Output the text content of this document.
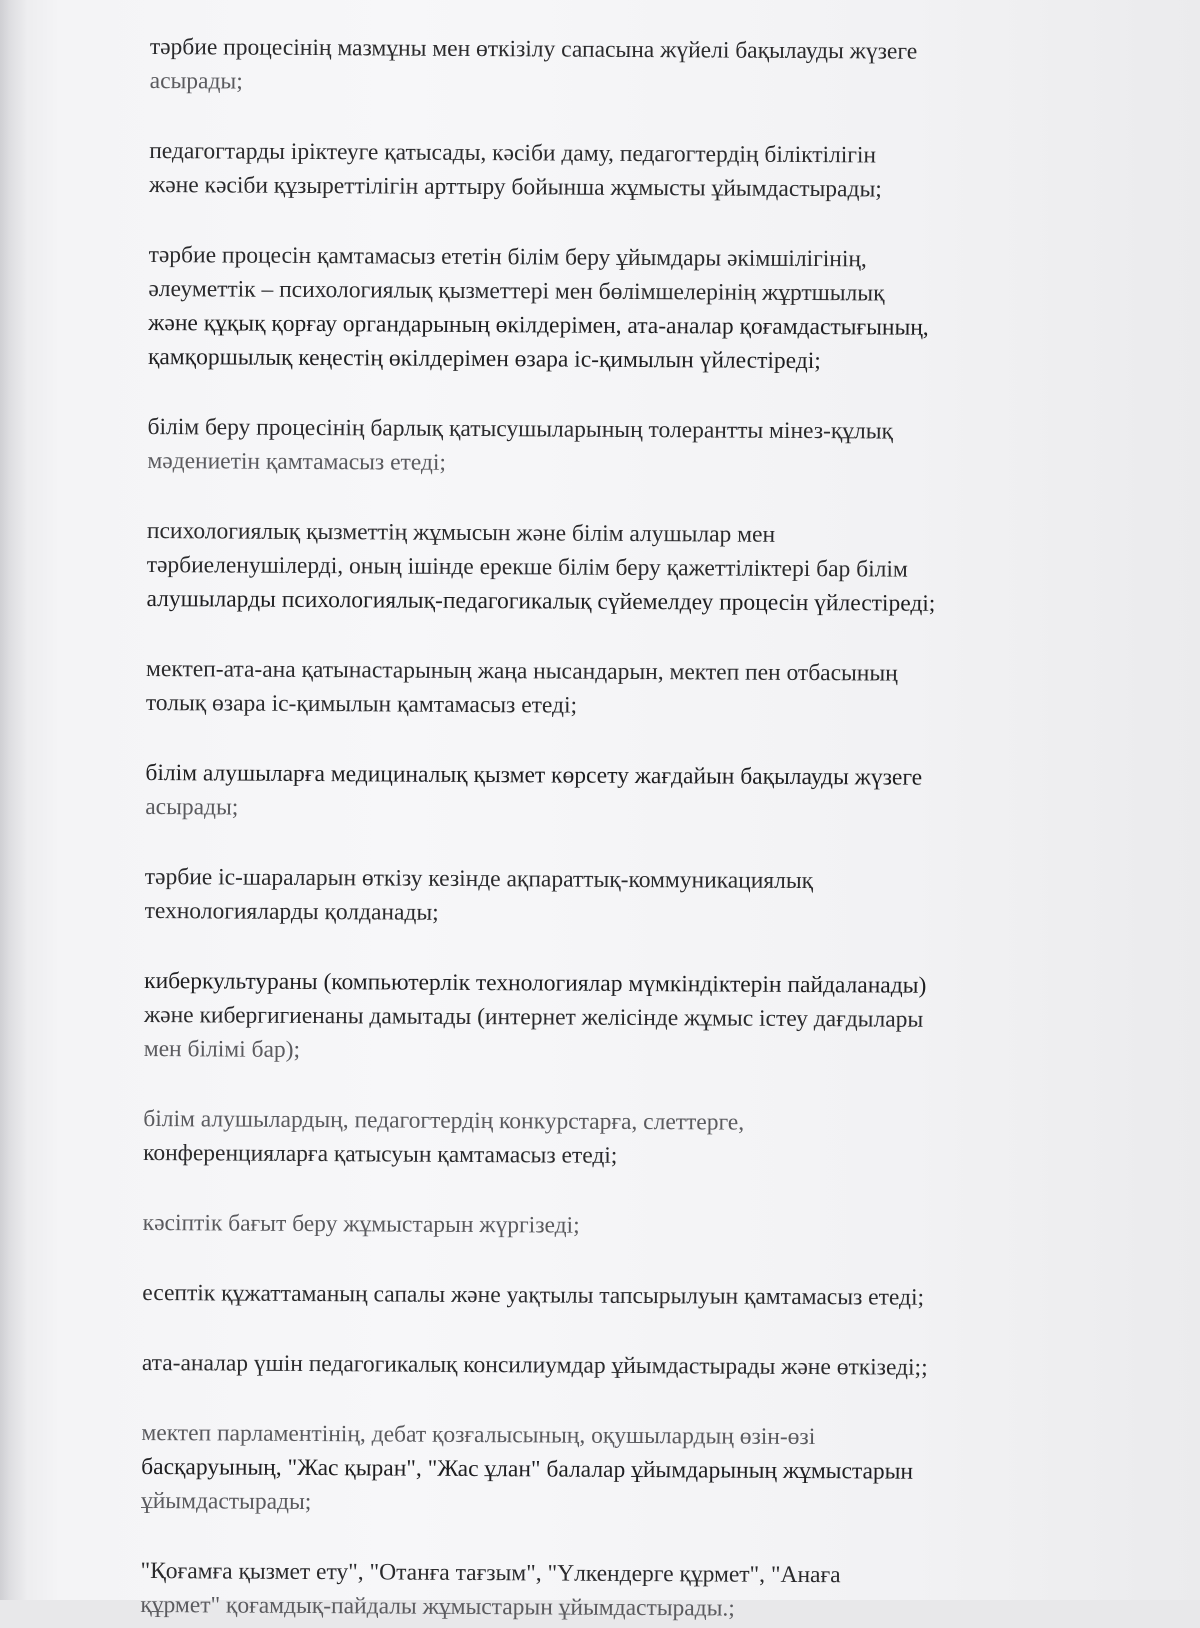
тәрбие процесінің мазмұны мен өткізілу сапасына жүйелі бақылауды жүзеге
асырады;

педагогтарды іріктеуге қатысады, кәсіби даму, педагогтердің біліктілігін
және кәсіби құзыреттілігін арттыру бойынша жұмысты ұйымдастырады;

тәрбие процесін қамтамасыз ететін білім беру ұйымдары әкімшілігінің,
әлеуметтік – психологиялық қызметтері мен бөлімшелерінің жұртшылық
және құқық қорғау органдарының өкілдерімен, ата-аналар қоғамдастығының,
қамқоршылық кеңестің өкілдерімен өзара іс-қимылын үйлестіреді;

білім беру процесінің барлық қатысушыларының толерантты мінез-құлық
мәдениетін қамтамасыз етеді;

психологиялық қызметтің жұмысын және білім алушылар мен
тәрбиеленушілерді, оның ішінде ерекше білім беру қажеттіліктері бар білім
алушыларды психологиялық-педагогикалық сүйемелдеу процесін үйлестіреді;

мектеп-ата-ана қатынастарының жаңа нысандарын, мектеп пен отбасының
толық өзара іс-қимылын қамтамасыз етеді;

білім алушыларға медициналық қызмет көрсету жағдайын бақылауды жүзеге
асырады;

тәрбие іс-шараларын өткізу кезінде ақпараттық-коммуникациялық
технологияларды қолданады;

киберкультураны (компьютерлік технологиялар мүмкіндіктерін пайдаланады)
және кибергигиенаны дамытады (интернет желісінде жұмыс істеу дағдылары
мен білімі бар);

білім алушылардың, педагогтердің конкурстарға, слеттерге,
конференцияларға қатысуын қамтамасыз етеді;

кәсіптік бағыт беру жұмыстарын жүргізеді;

есептік құжаттаманың сапалы және уақтылы тапсырылуын қамтамасыз етеді;

ата-аналар үшін педагогикалық консилиумдар ұйымдастырады және өткізеді;;

мектеп парламентінің, дебат қозғалысының, оқушылардың өзін-өзі
басқаруының, "Жас қыран", "Жас ұлан" балалар ұйымдарының жұмыстарын
ұйымдастырады;

"Қоғамға қызмет ету", "Отанға тағзым", "Үлкендерге құрмет", "Анаға
құрмет" қоғамдық-пайдалы жұмыстарын ұйымдастырады.;
